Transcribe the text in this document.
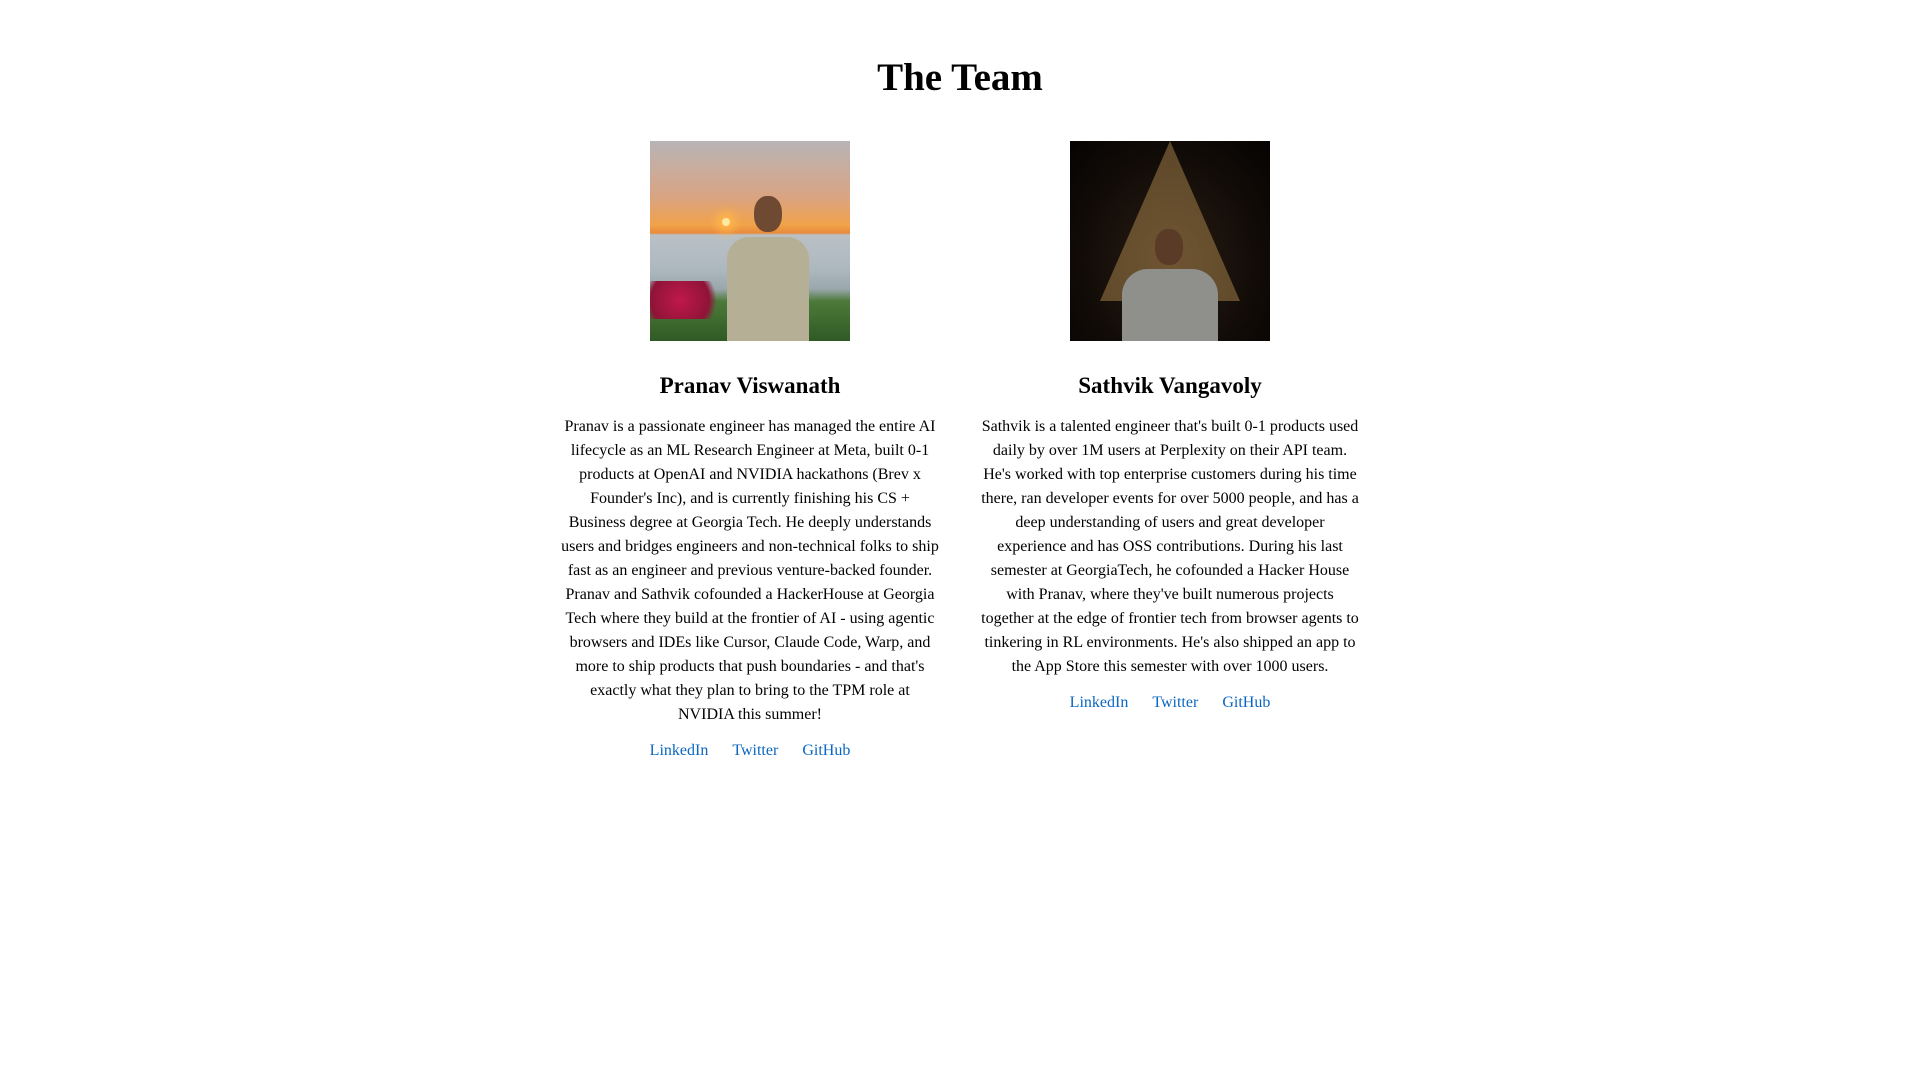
The Team
Pranav Viswanath

Pranav is a passionate engineer has managed the entire AI lifecycle as an ML Research Engineer at Meta, built 0-1 products at OpenAI and NVIDIA hackathons (Brev x Founder's Inc), and is currently finishing his CS + Business degree at Georgia Tech. He deeply understands users and bridges engineers and non-technical folks to ship fast as an engineer and previous venture-backed founder. Pranav and Sathvik cofounded a HackerHouse at Georgia Tech where they build at the frontier of AI - using agentic browsers and IDEs like Cursor, Claude Code, Warp, and more to ship products that push boundaries - and that's exactly what they plan to bring to the TPM role at NVIDIA this summer!

LinkedIn Twitter GitHub
Sathvik Vangavoly

Sathvik is a talented engineer that's built 0-1 products used daily by over 1M users at Perplexity on their API team. He's worked with top enterprise customers during his time there, ran developer events for over 5000 people, and has a deep understanding of users and great developer experience and has OSS contributions. During his last semester at GeorgiaTech, he cofounded a Hacker House with Pranav, where they've built numerous projects together at the edge of frontier tech from browser agents to tinkering in RL environments. He's also shipped an app to the App Store this semester with over 1000 users.

LinkedIn Twitter GitHub
